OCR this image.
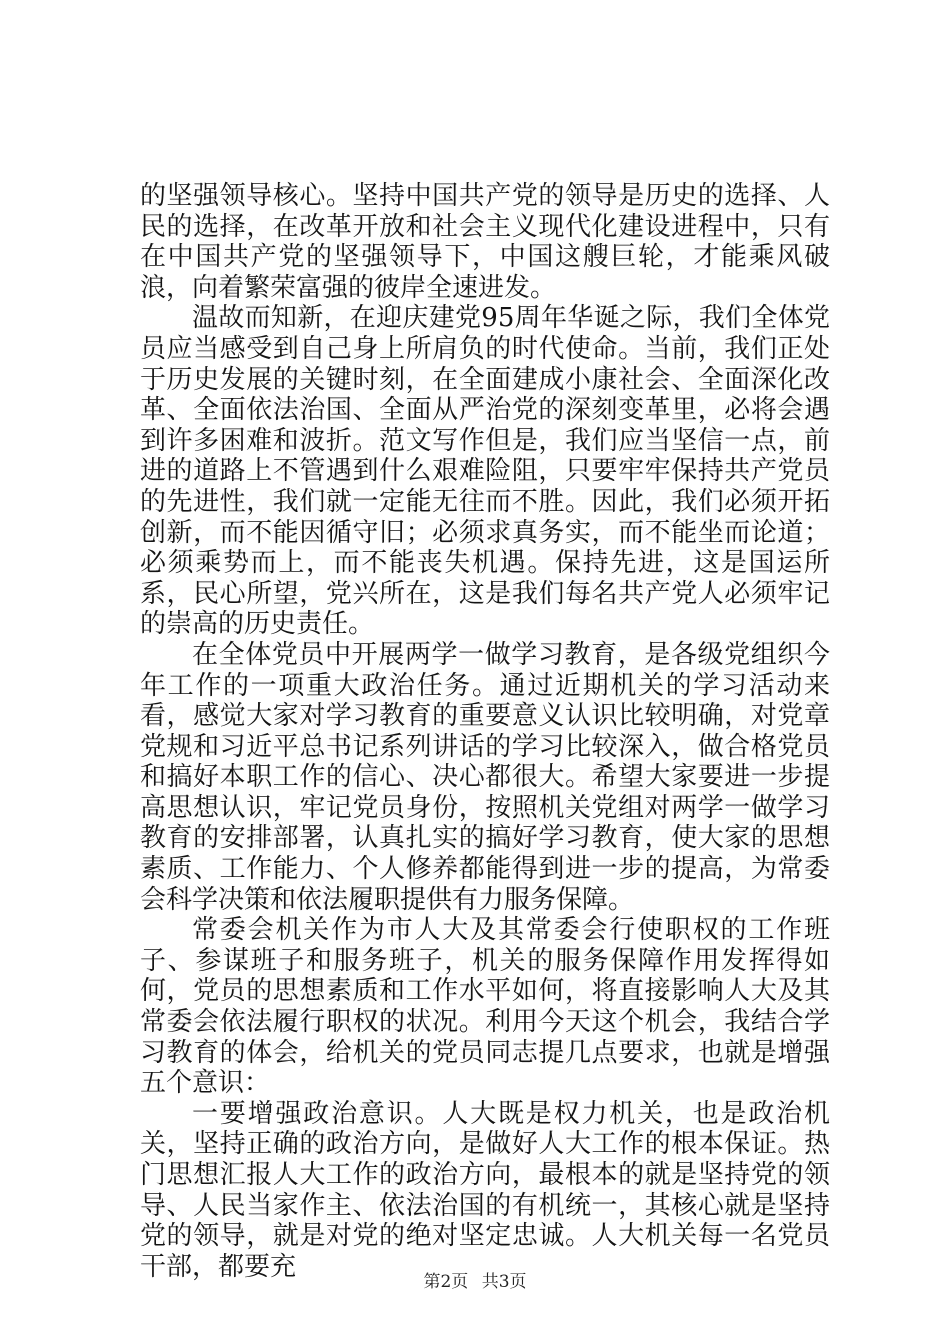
的坚强领导核心。坚持中国共产党的领导是历史的选择、人民的选择，在改革开放和社会主义现代化建设进程中，只有在中国共产党的坚强领导下，中国这艘巨轮，才能乘风破浪，向着繁荣富强的彼岸全速进发。

温故而知新，在迎庆建党95周年华诞之际，我们全体党员应当感受到自己身上所肩负的时代使命。当前，我们正处于历史发展的关键时刻，在全面建成小康社会、全面深化改革、全面依法治国、全面从严治党的深刻变革里，必将会遇到许多困难和波折。范文写作但是，我们应当坚信一点，前进的道路上不管遇到什么艰难险阻，只要牢牢保持共产党员的先进性，我们就一定能无往而不胜。因此，我们必须开拓创新，而不能因循守旧；必须求真务实，而不能坐而论道；必须乘势而上，而不能丧失机遇。保持先进，这是国运所系，民心所望，党兴所在，这是我们每名共产党人必须牢记的崇高的历史责任。

在全体党员中开展两学一做学习教育，是各级党组织今年工作的一项重大政治任务。通过近期机关的学习活动来看，感觉大家对学习教育的重要意义认识比较明确，对党章党规和习近平总书记系列讲话的学习比较深入，做合格党员和搞好本职工作的信心、决心都很大。希望大家要进一步提高思想认识，牢记党员身份，按照机关党组对两学一做学习教育的安排部署，认真扎实的搞好学习教育，使大家的思想素质、工作能力、个人修养都能得到进一步的提高，为常委会科学决策和依法履职提供有力服务保障。

常委会机关作为市人大及其常委会行使职权的工作班子、参谋班子和服务班子，机关的服务保障作用发挥得如何，党员的思想素质和工作水平如何，将直接影响人大及其常委会依法履行职权的状况。利用今天这个机会，我结合学习教育的体会，给机关的党员同志提几点要求，也就是增强五个意识：

一要增强政治意识。人大既是权力机关，也是政治机关，坚持正确的政治方向，是做好人大工作的根本保证。热门思想汇报人大工作的政治方向，最根本的就是坚持党的领导、人民当家作主、依法治国的有机统一，其核心就是坚持党的领导，就是对党的绝对坚定忠诚。人大机关每一名党员干部，都要充

第2页 共3页
